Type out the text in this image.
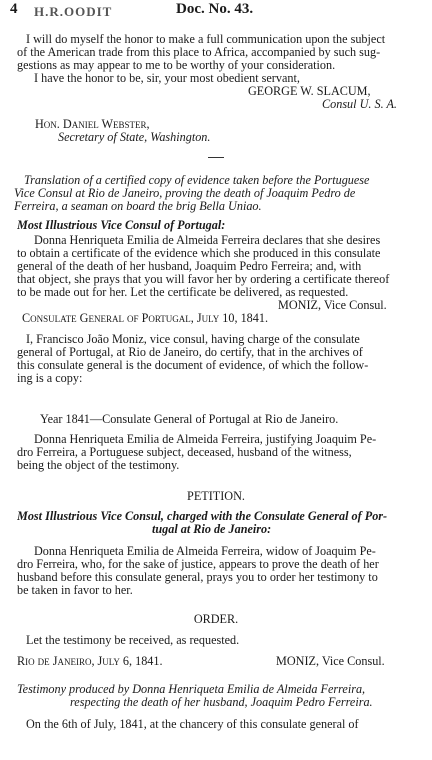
4	H.R.OODIT	Doc. No. 43.
I will do myself the honor to make a full communication upon the subject
of the American trade from this place to Africa, accompanied by such sug-
gestions as may appear to me to be worthy of your consideration.
I have the honor to be, sir, your most obedient servant,
GEORGE W. SLACUM,
Consul U. S. A.
Hon. Daniel Webster,
Secretary of State, Washington.
Translation of a certified copy of evidence taken before the Portuguese
Vice Consul at Rio de Janeiro, proving the death of Joaquim Pedro de
Ferreira, a seaman on board the brig Bella Uniao.
Most Illustrious Vice Consul of Portugal:
Donna Henriqueta Emilia de Almeida Ferreira declares that she desires
to obtain a certificate of the evidence which she produced in this consulate
general of the death of her husband, Joaquim Pedro Ferreira; and, with
that object, she prays that you will favor her by ordering a certificate thereof
to be made out for her. Let the certificate be delivered, as requested.
MONIZ, Vice Consul.
Consulate General of Portugal, July 10, 1841.
I, Francisco João Moniz, vice consul, having charge of the consulate
general of Portugal, at Rio de Janeiro, do certify, that in the archives of
this consulate general is the document of evidence, of which the follow-
ing is a copy:
Year 1841—Consulate General of Portugal at Rio de Janeiro.
Donna Henriqueta Emilia de Almeida Ferreira, justifying Joaquim Pe-
dro Ferreira, a Portuguese subject, deceased, husband of the witness,
being the object of the testimony.
PETITION.
Most Illustrious Vice Consul, charged with the Consulate General of Por-
tugal at Rio de Janeiro:
Donna Henriqueta Emilia de Almeida Ferreira, widow of Joaquim Pe-
dro Ferreira, who, for the sake of justice, appears to prove the death of her
husband before this consulate general, prays you to order her testimony to
be taken in favor to her.
ORDER.
Let the testimony be received, as requested.
Rio de Janeiro, July 6, 1841.	MONIZ, Vice Consul.
Testimony produced by Donna Henriqueta Emilia de Almeida Ferreira,
respecting the death of her husband, Joaquim Pedro Ferreira.
On the 6th of July, 1841, at the chancery of this consulate general of
